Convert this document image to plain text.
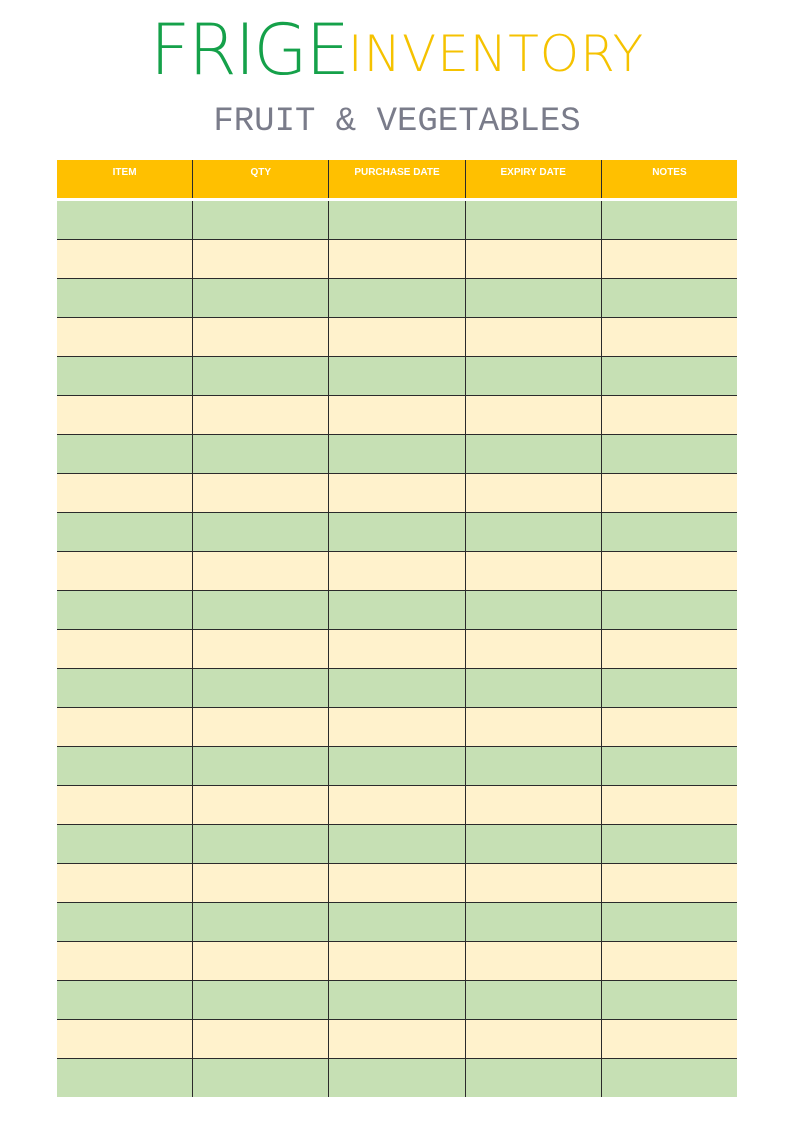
FRIGEINVENTORY
FRUIT & VEGETABLES
ITEM	QTY	PURCHASE DATE	EXPIRY DATE	NOTES
